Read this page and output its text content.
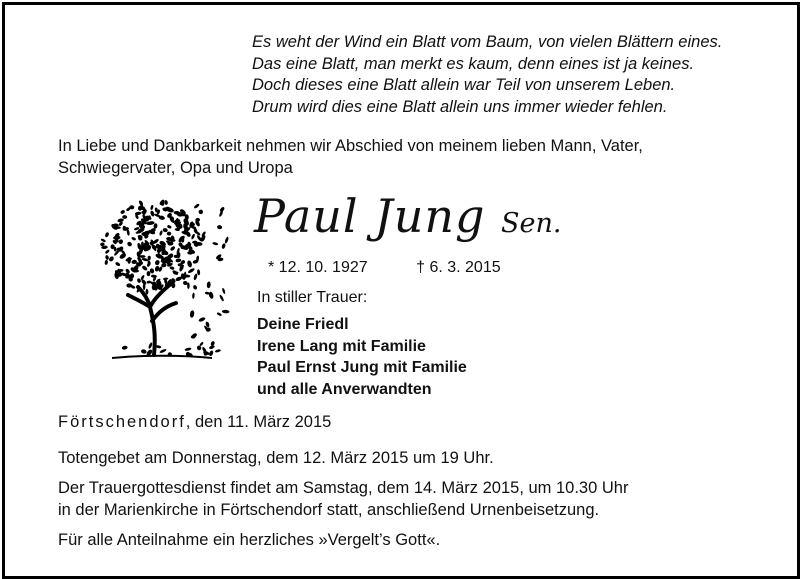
Es weht der Wind ein Blatt vom Baum, von vielen Blättern eines.
Das eine Blatt, man merkt es kaum, denn eines ist ja keines.
Doch dieses eine Blatt allein war Teil von unserem Leben.
Drum wird dies eine Blatt allein uns immer wieder fehlen.
In Liebe und Dankbarkeit nehmen wir Abschied von meinem lieben Mann, Vater,
Schwiegervater, Opa und Uropa
Paul Jung Sen.
* 12. 10. 1927	† 6. 3. 2015
In stiller Trauer:
Deine Friedl
Irene Lang mit Familie
Paul Ernst Jung mit Familie
und alle Anverwandten
Förtschendorf, den 11. März 2015
Totengebet am Donnerstag, dem 12. März 2015 um 19 Uhr.
Der Trauergottesdienst findet am Samstag, dem 14. März 2015, um 10.30 Uhr
in der Marienkirche in Förtschendorf statt, anschließend Urnenbeisetzung.
Für alle Anteilnahme ein herzliches »Vergelt’s Gott«.
